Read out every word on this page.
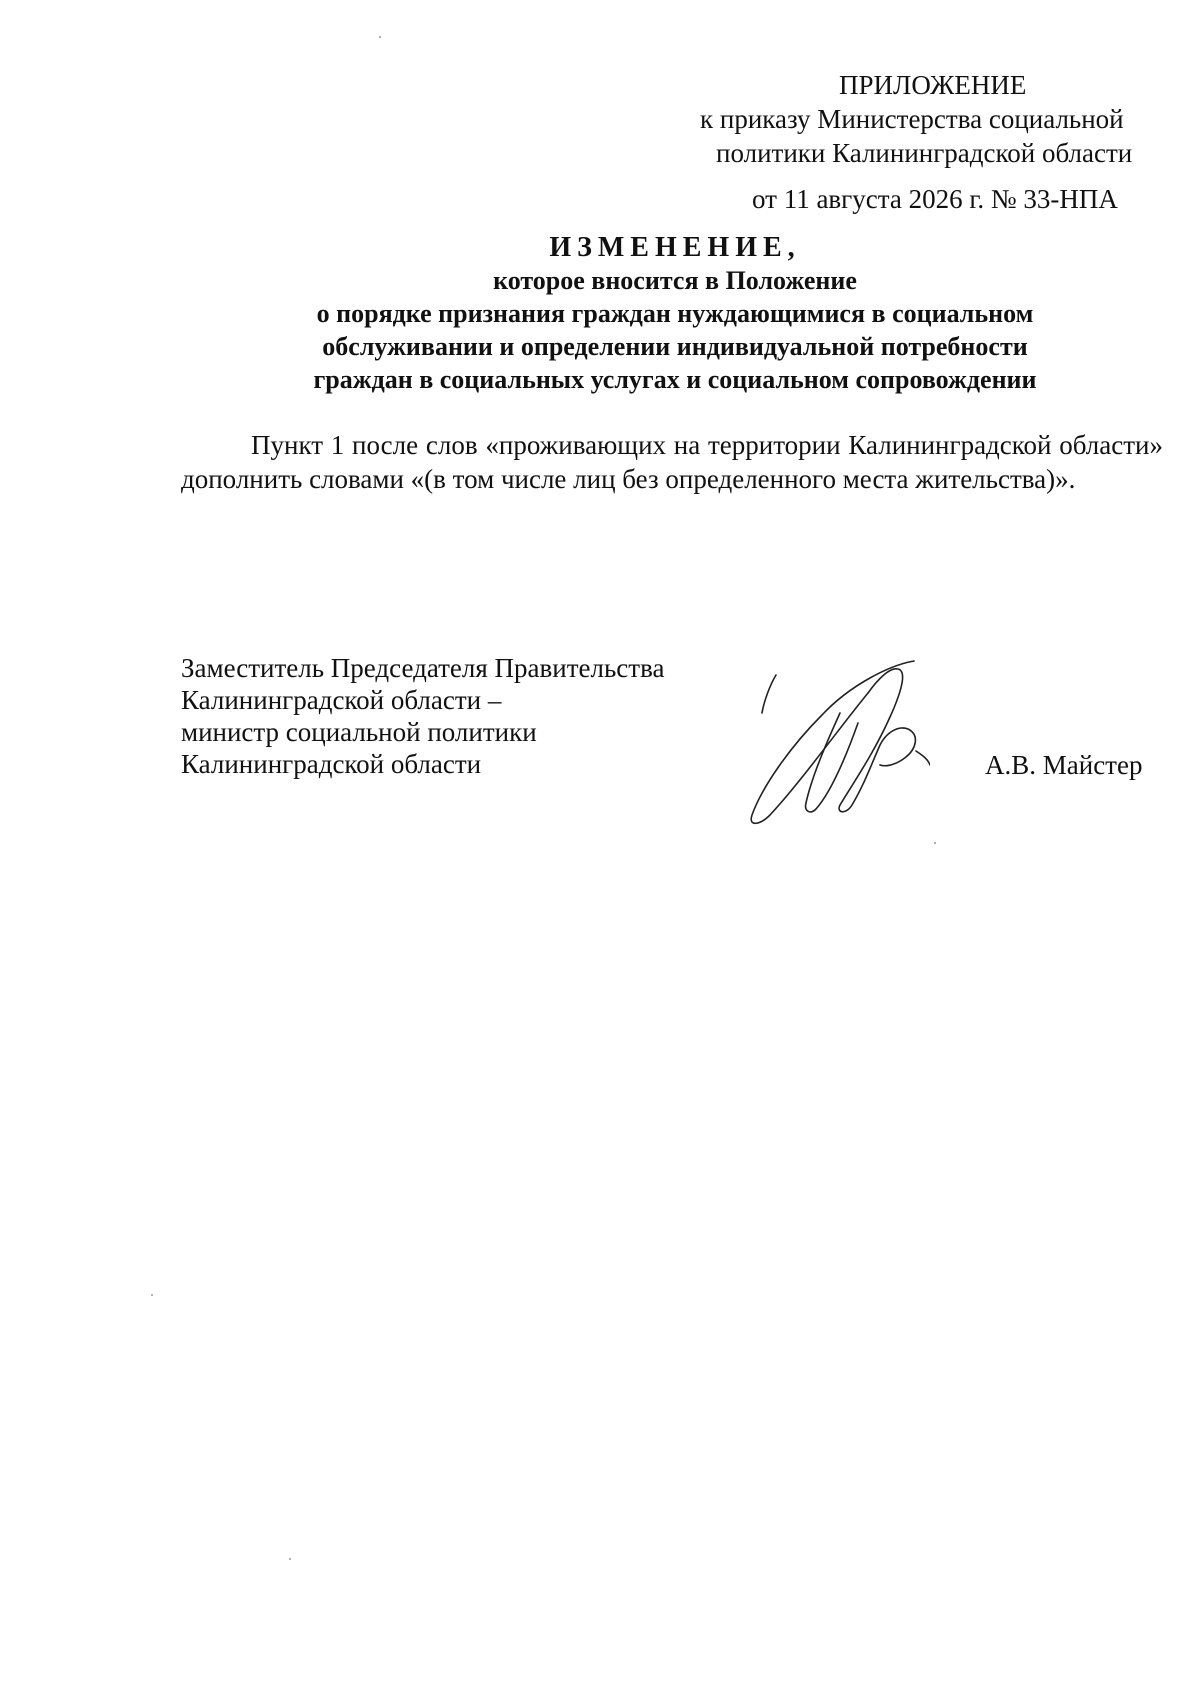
ПРИЛОЖЕНИЕ
к приказу Министерства социальной
политики Калининградской области
от 11 августа 2026 г. № 33-НПА
ИЗМЕНЕНИЕ,
которое вносится в Положение
о порядке признания граждан нуждающимися в социальном
обслуживании и определении индивидуальной потребности
граждан в социальных услугах и социальном сопровождении

Пункт 1 после слов «проживающих на территории Калининградской области» дополнить словами «(в том числе лиц без определенного места жительства)».

Заместитель Председателя Правительства
Калининградской области –
министр социальной политики
Калининградской области	А.В. Майстер
